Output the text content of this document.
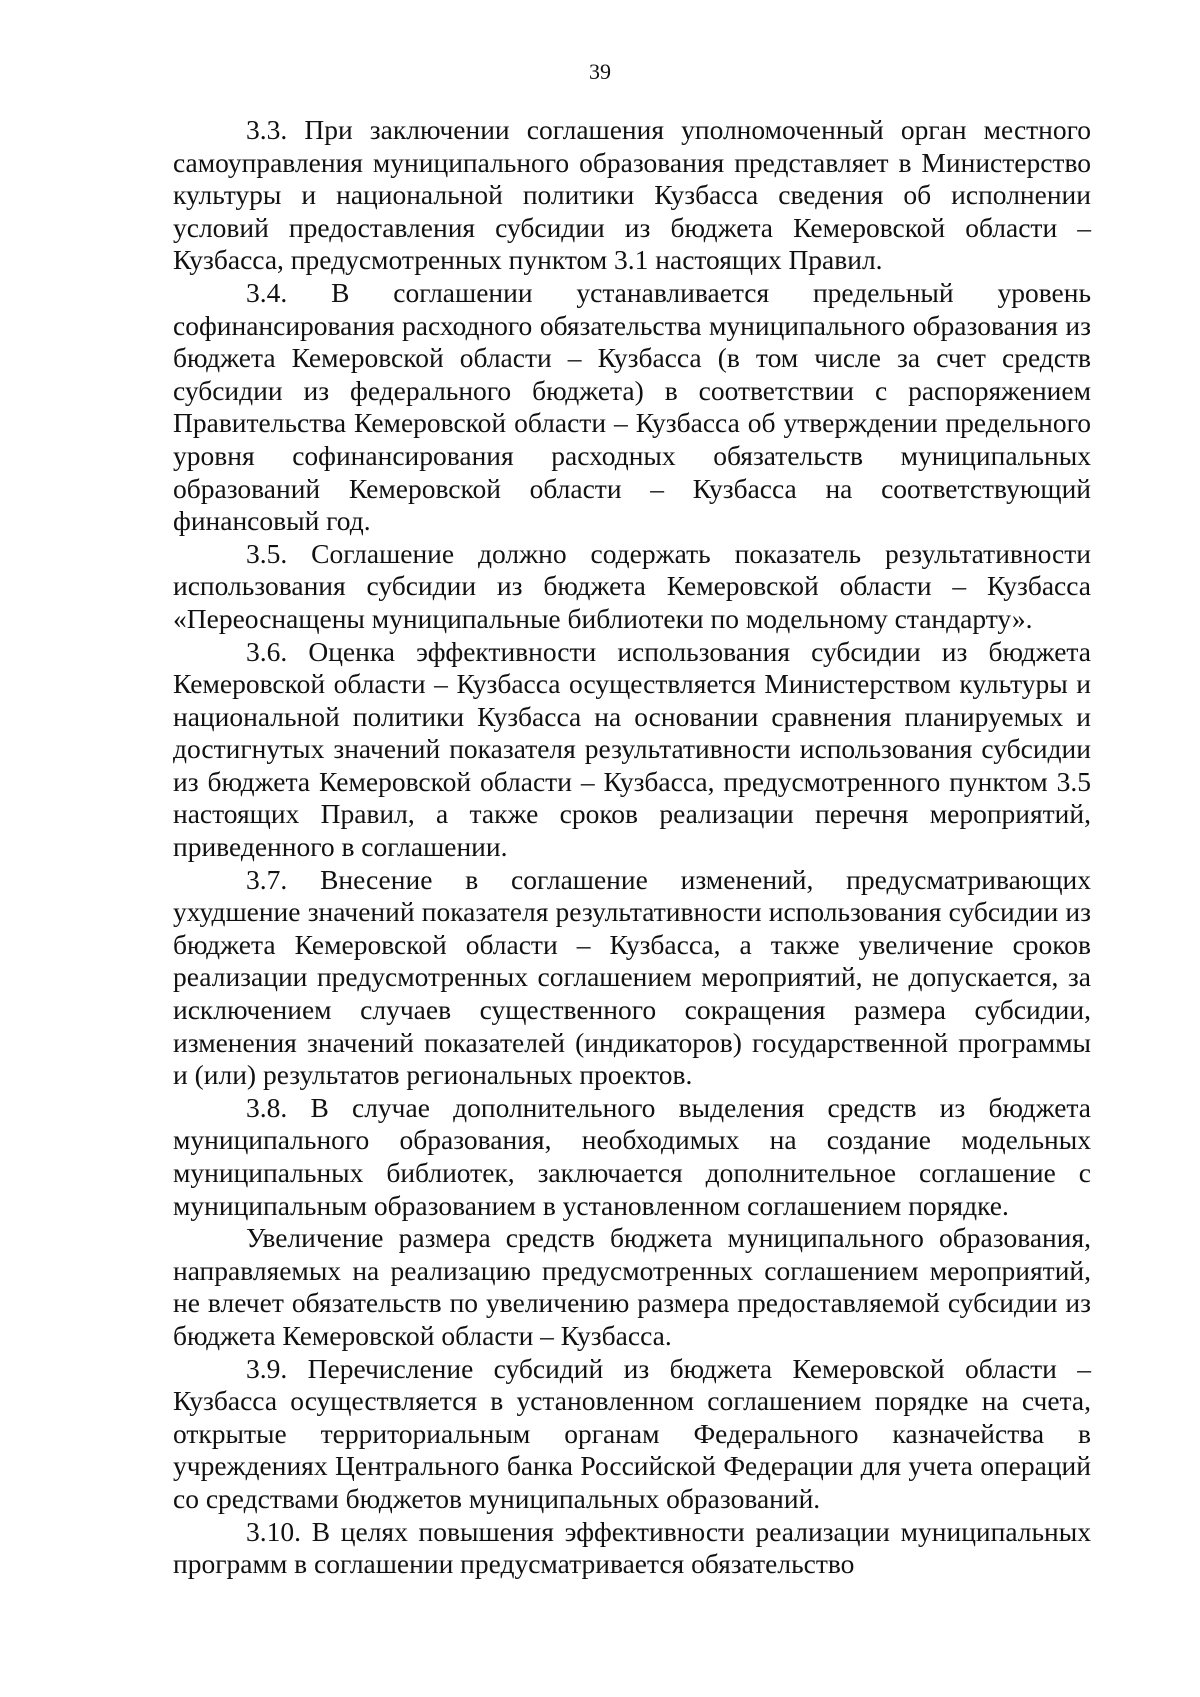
39

3.3. При заключении соглашения уполномоченный орган местного самоуправления муниципального образования представляет в Министерство культуры и национальной политики Кузбасса сведения об исполнении условий предоставления субсидии из бюджета Кемеровской области – Кузбасса, предусмотренных пунктом 3.1 настоящих Правил.

3.4. В соглашении устанавливается предельный уровень софинансирования расходного обязательства муниципального образования из бюджета Кемеровской области – Кузбасса (в том числе за счет средств субсидии из федерального бюджета) в соответствии с распоряжением Правительства Кемеровской области – Кузбасса об утверждении предельного уровня софинансирования расходных обязательств муниципальных образований Кемеровской области – Кузбасса на соответствующий финансовый год.

3.5. Соглашение должно содержать показатель результативности использования субсидии из бюджета Кемеровской области – Кузбасса «Переоснащены муниципальные библиотеки по модельному стандарту».

3.6. Оценка эффективности использования субсидии из бюджета Кемеровской области – Кузбасса осуществляется Министерством культуры и национальной политики Кузбасса на основании сравнения планируемых и достигнутых значений показателя результативности использования субсидии из бюджета Кемеровской области – Кузбасса, предусмотренного пунктом 3.5 настоящих Правил, а также сроков реализации перечня мероприятий, приведенного в соглашении.

3.7. Внесение в соглашение изменений, предусматривающих ухудшение значений показателя результативности использования субсидии из бюджета Кемеровской области – Кузбасса, а также увеличение сроков реализации предусмотренных соглашением мероприятий, не допускается, за исключением случаев существенного сокращения размера субсидии, изменения значений показателей (индикаторов) государственной программы и (или) результатов региональных проектов.

3.8. В случае дополнительного выделения средств из бюджета муниципального образования, необходимых на создание модельных муниципальных библиотек, заключается дополнительное соглашение с муниципальным образованием в установленном соглашением порядке.

Увеличение размера средств бюджета муниципального образования, направляемых на реализацию предусмотренных соглашением мероприятий, не влечет обязательств по увеличению размера предоставляемой субсидии из бюджета Кемеровской области – Кузбасса.

3.9. Перечисление субсидий из бюджета Кемеровской области – Кузбасса осуществляется в установленном соглашением порядке на счета, открытые территориальным органам Федерального казначейства в учреждениях Центрального банка Российской Федерации для учета операций со средствами бюджетов муниципальных образований.

3.10. В целях повышения эффективности реализации муниципальных программ в соглашении предусматривается обязательство
